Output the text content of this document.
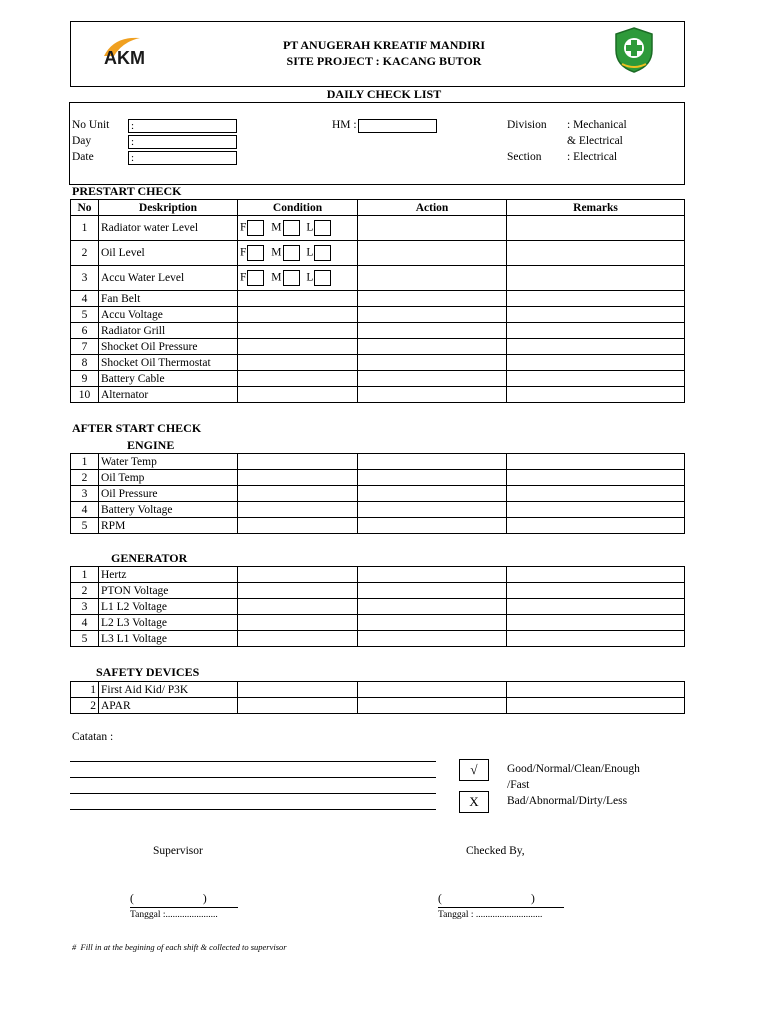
AKM
PT ANUGERAH KREATIF MANDIRI
SITE PROJECT : KACANG BUTOR
DAILY CHECK LIST
No Unit
Day
Date
:
:
:
HM :	Division : Mechanical
& Electrical
Section : Electrical
PRESTART CHECK
No	Deskription	Condition	Action	Remarks
1	Radiator water Level	F M L		
2	Oil Level	F M L		
3	Accu Water Level	F M L		
4	Fan Belt			
5	Accu Voltage			
6	Radiator Grill			
7	Shocket Oil Pressure			
8	Shocket Oil Thermostat			
9	Battery Cable			
10	Alternator			
AFTER START CHECK
ENGINE
1	Water Temp			
2	Oil Temp			
3	Oil Pressure			
4	Battery Voltage			
5	RPM			
GENERATOR
1	Hertz			
2	PTON Voltage			
3	L1 L2 Voltage			
4	L2 L3 Voltage			
5	L3 L1 Voltage			
SAFETY DEVICES
1	First Aid Kid/ P3K			
2	APAR			
Catatan :
√	Good/Normal/Clean/Enough
/Fast
X	Bad/Abnormal/Dirty/Less
Supervisor	Checked By,
(                        )	(                               )
Tanggal :......................	Tanggal : ............................
#  Fill in at the begining of each shift & collected to supervisor
